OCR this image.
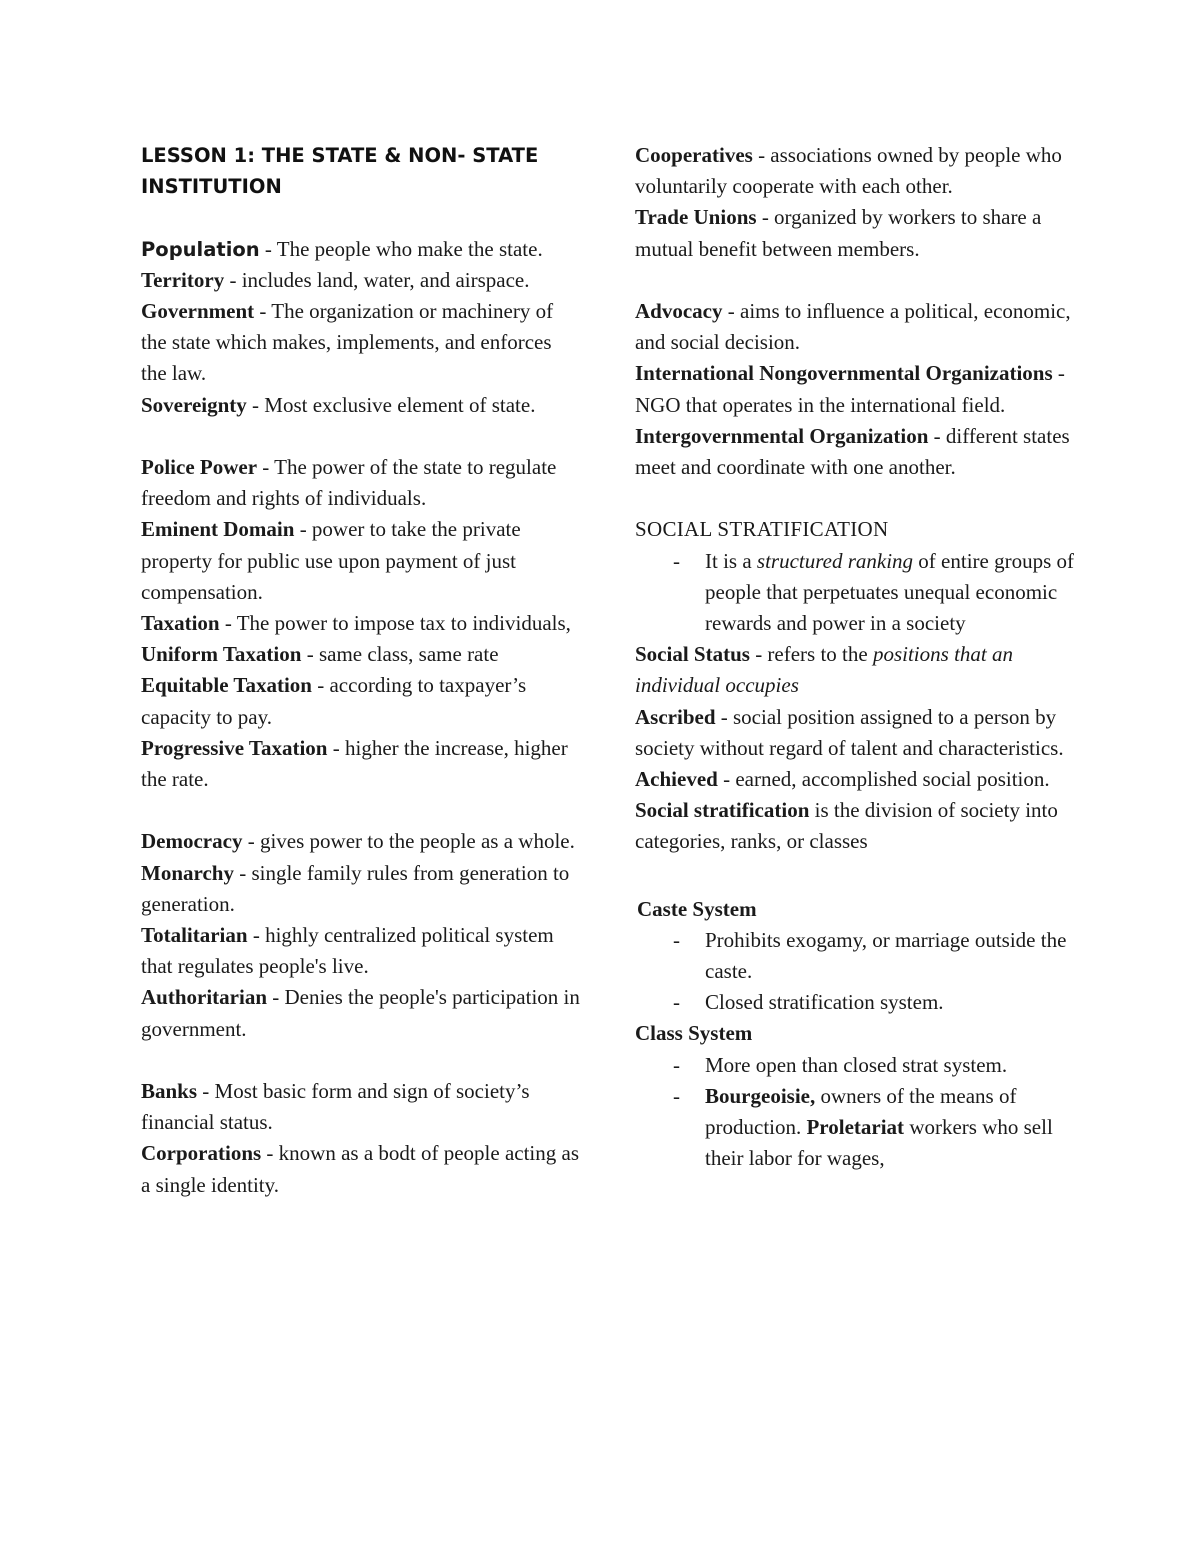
LESSON 1: THE STATE & NON- STATE INSTITUTION

Population - The people who make the state.

Territory - includes land, water, and airspace.

Government - The organization or machinery of the state which makes, implements, and enforces the law.

Sovereignty - Most exclusive element of state.

Police Power - The power of the state to regulate freedom and rights of individuals.

Eminent Domain - power to take the private property for public use upon payment of just compensation.

Taxation - The power to impose tax to individuals,

Uniform Taxation - same class, same rate

Equitable Taxation - according to taxpayer’s capacity to pay.

Progressive Taxation - higher the increase, higher the rate.

Democracy - gives power to the people as a whole.

Monarchy - single family rules from generation to generation.

Totalitarian - highly centralized political system that regulates people's live.

Authoritarian - Denies the people's participation in government.

Banks - Most basic form and sign of society’s financial status.

Corporations - known as a bodt of people acting as a single identity.

Cooperatives - associations owned by people who voluntarily cooperate with each other.

Trade Unions - organized by workers to share a mutual benefit between members.

Advocacy - aims to influence a political, economic, and social decision.

International Nongovernmental Organizations - NGO that operates in the international field.

Intergovernmental Organization - different states meet and coordinate with one another.

SOCIAL STRATIFICATION

- It is a structured ranking of entire groups of people that perpetuates unequal economic rewards and power in a society

Social Status - refers to the positions that an individual occupies

Ascribed - social position assigned to a person by society without regard of talent and characteristics.

Achieved - earned, accomplished social position.

Social stratification is the division of society into categories, ranks, or classes

Caste System

- Prohibits exogamy, or marriage outside the caste.
- Closed stratification system.

Class System

- More open than closed strat system.
- Bourgeoisie, owners of the means of production. Proletariat workers who sell their labor for wages,
